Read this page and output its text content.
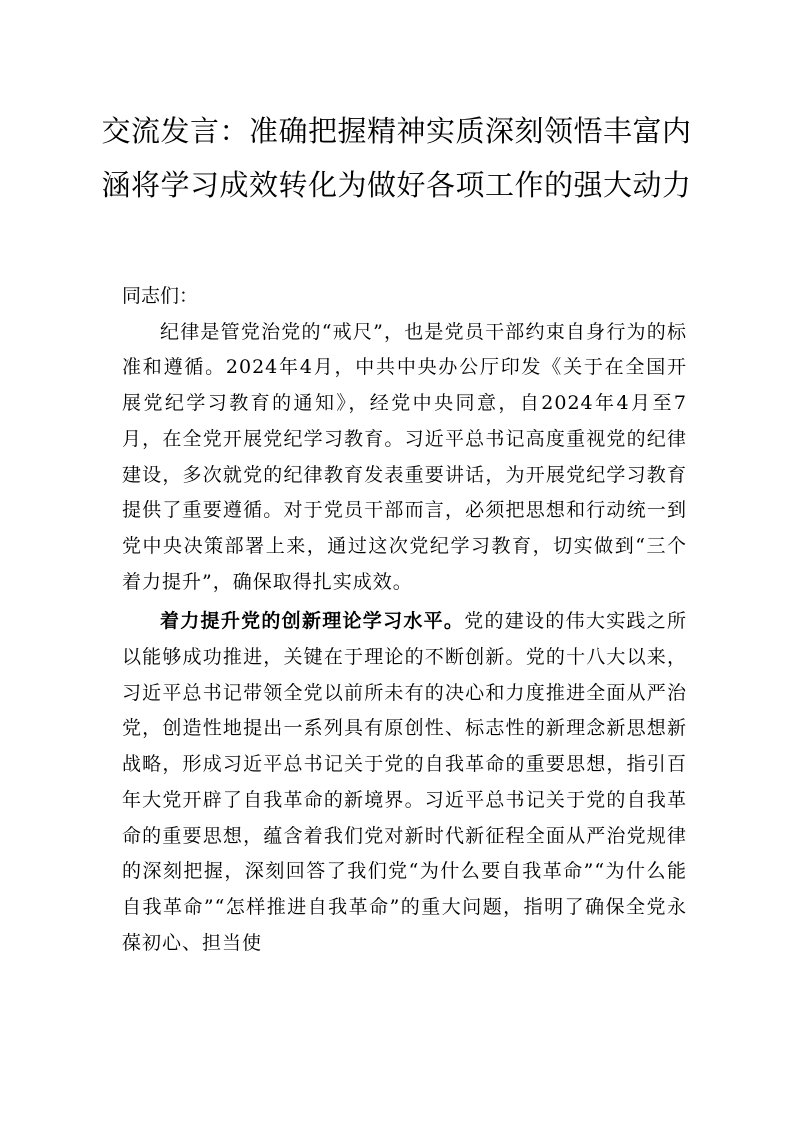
交流发言：准确把握精神实质深刻领悟丰富内涵将学习成效转化为做好各项工作的强大动力

同志们：

纪律是管党治党的“戒尺”，也是党员干部约束自身行为的标准和遵循。2024年4月，中共中央办公厅印发《关于在全国开展党纪学习教育的通知》，经党中央同意，自2024年4月至7月，在全党开展党纪学习教育。习近平总书记高度重视党的纪律建设，多次就党的纪律教育发表重要讲话，为开展党纪学习教育提供了重要遵循。对于党员干部而言，必须把思想和行动统一到党中央决策部署上来，通过这次党纪学习教育，切实做到“三个着力提升”，确保取得扎实成效。

着力提升党的创新理论学习水平。党的建设的伟大实践之所以能够成功推进，关键在于理论的不断创新。党的十八大以来，习近平总书记带领全党以前所未有的决心和力度推进全面从严治党，创造性地提出一系列具有原创性、标志性的新理念新思想新战略，形成习近平总书记关于党的自我革命的重要思想，指引百年大党开辟了自我革命的新境界。习近平总书记关于党的自我革命的重要思想，蕴含着我们党对新时代新征程全面从严治党规律的深刻把握，深刻回答了我们党“为什么要自我革命”“为什么能自我革命”“怎样推进自我革命”的重大问题，指明了确保全党永葆初心、担当使
